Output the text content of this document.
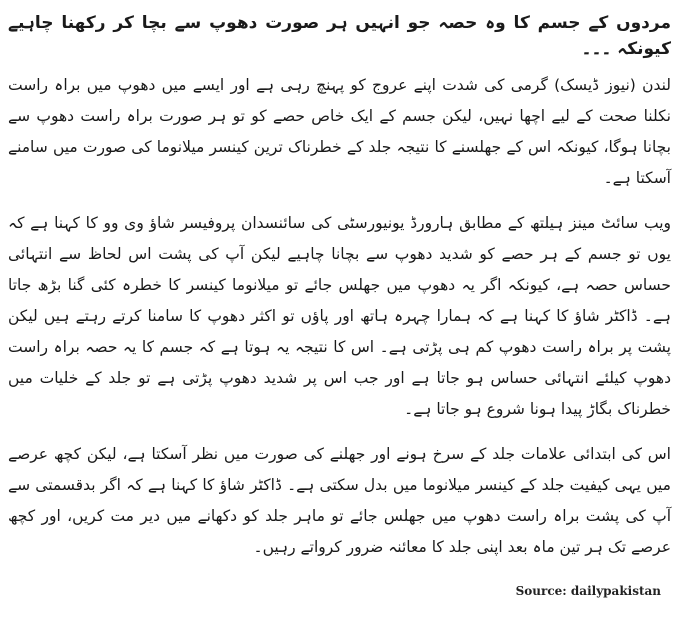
مردوں کے جسم کا وہ حصہ جو انہیں ہر صورت دھوپ سے بچا کر رکھنا چاہیے کیونکہ ۔۔۔

لندن (نیوز ڈیسک) گرمی کی شدت اپنے عروج کو پہنچ رہی ہے اور ایسے میں دھوپ میں براہ راست نکلنا صحت کے لیے اچھا نہیں، لیکن جسم کے ایک خاص حصے کو تو ہر صورت براہ راست دھوپ سے بچانا ہوگا، کیونکہ اس کے جھلسنے کا نتیجہ جلد کے خطرناک ترین کینسر میلانوما کی صورت میں سامنے آسکتا ہے۔

ویب سائٹ مینز ہیلتھ کے مطابق ہارورڈ یونیورسٹی کی سائنسدان پروفیسر شاؤ وی وو کا کہنا ہے کہ یوں تو جسم کے ہر حصے کو شدید دھوپ سے بچانا چاہیے لیکن آپ کی پشت اس لحاظ سے انتہائی حساس حصہ ہے، کیونکہ اگر یہ دھوپ میں جھلس جائے تو میلانوما کینسر کا خطرہ کئی گنا بڑھ جاتا ہے۔ ڈاکٹر شاؤ کا کہنا ہے کہ ہمارا چہرہ ہاتھ اور پاؤں تو اکثر دھوپ کا سامنا کرتے رہتے ہیں لیکن پشت پر براہ راست دھوپ کم ہی پڑتی ہے۔ اس کا نتیجہ یہ ہوتا ہے کہ جسم کا یہ حصہ براہ راست دھوپ کیلئے انتہائی حساس ہو جاتا ہے اور جب اس پر شدید دھوپ پڑتی ہے تو جلد کے خلیات میں خطرناک بگاڑ پیدا ہونا شروع ہو جاتا ہے۔

اس کی ابتدائی علامات جلد کے سرخ ہونے اور جھلنے کی صورت میں نظر آسکتا ہے، لیکن کچھ عرصے میں یہی کیفیت جلد کے کینسر میلانوما میں بدل سکتی ہے۔ ڈاکٹر شاؤ کا کہنا ہے کہ اگر بدقسمتی سے آپ کی پشت براہ راست دھوپ میں جھلس جائے تو ماہر جلد کو دکھانے میں دیر مت کریں، اور کچھ عرصے تک ہر تین ماہ بعد اپنی جلد کا معائنہ ضرور کرواتے رہیں۔

Source: dailypakistan
